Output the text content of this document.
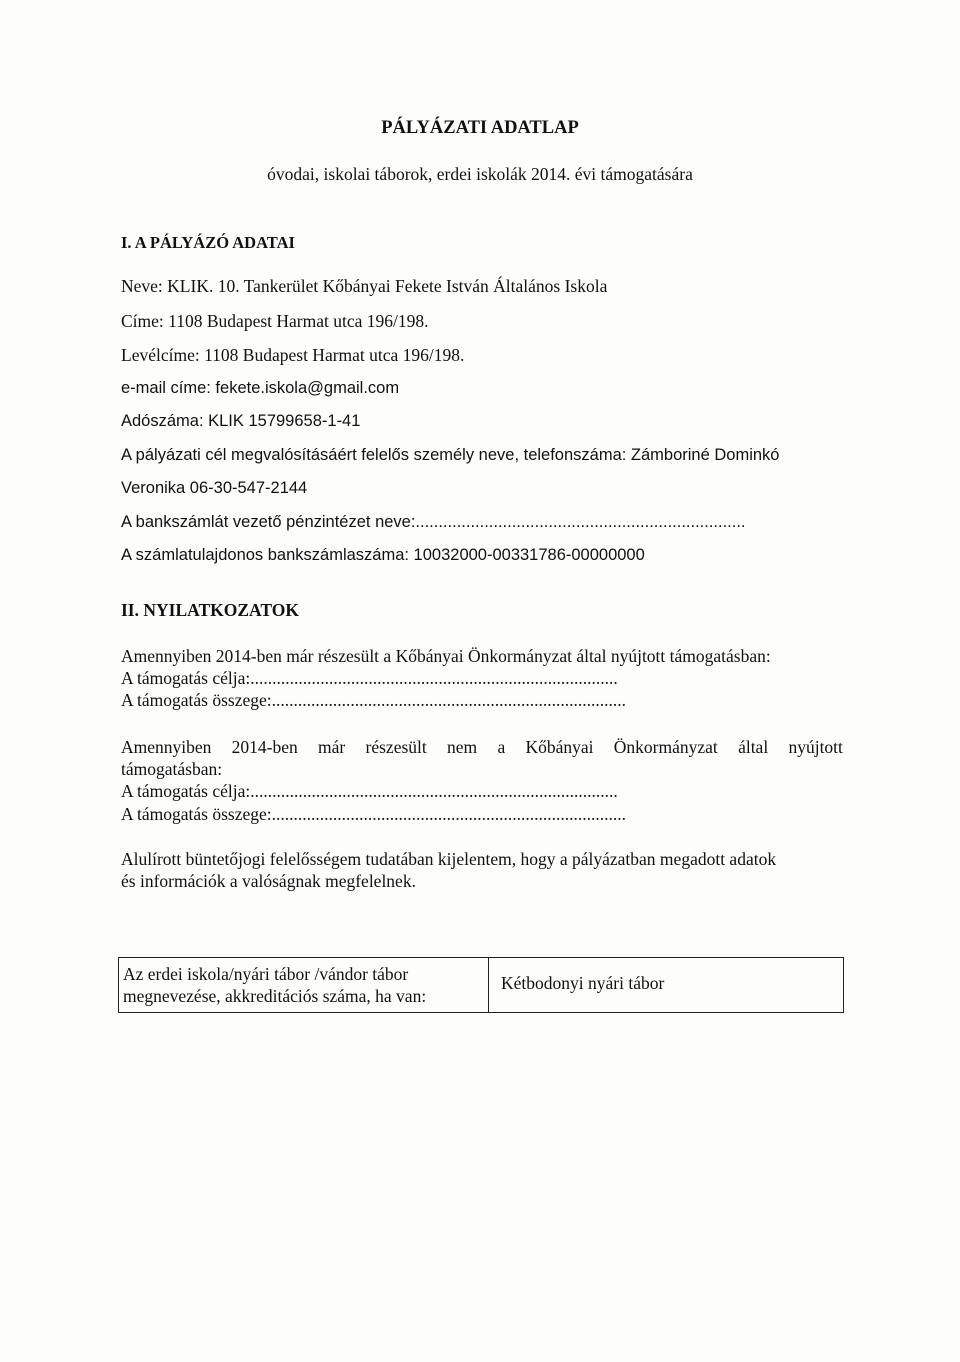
PÁLYÁZATI ADATLAP
óvodai, iskolai táborok, erdei iskolák 2014. évi támogatására
I. A PÁLYÁZÓ ADATAI
Neve: KLIK. 10. Tankerület Kőbányai Fekete István Általános Iskola
Címe: 1108 Budapest Harmat utca 196/198.
Levélcíme: 1108 Budapest Harmat utca 196/198.
e-mail címe: fekete.iskola@gmail.com
Adószáma: KLIK 15799658-1-41
A pályázati cél megvalósításáért felelős személy neve, telefonszáma: Zámboriné Dominkó
Veronika 06-30-547-2144
A bankszámlát vezető pénzintézet neve:........................................................................
A számlatulajdonos bankszámlaszáma: 10032000-00331786-00000000
II. NYILATKOZATOK
Amennyiben 2014-ben már részesült a Kőbányai Önkormányzat által nyújtott támogatásban:
A támogatás célja:....................................................................................
A támogatás összege:.................................................................................
Amennyiben 2014-ben már részesült nem a Kőbányai Önkormányzat által nyújtott
támogatásban:
A támogatás célja:....................................................................................
A támogatás összege:.................................................................................
Alulírott büntetőjogi felelősségem tudatában kijelentem, hogy a pályázatban megadott adatok
és információk a valóságnak megfelelnek.
Az erdei iskola/nyári tábor /vándor tábor
megnevezése, akkreditációs száma, ha van:
Kétbodonyi nyári tábor
